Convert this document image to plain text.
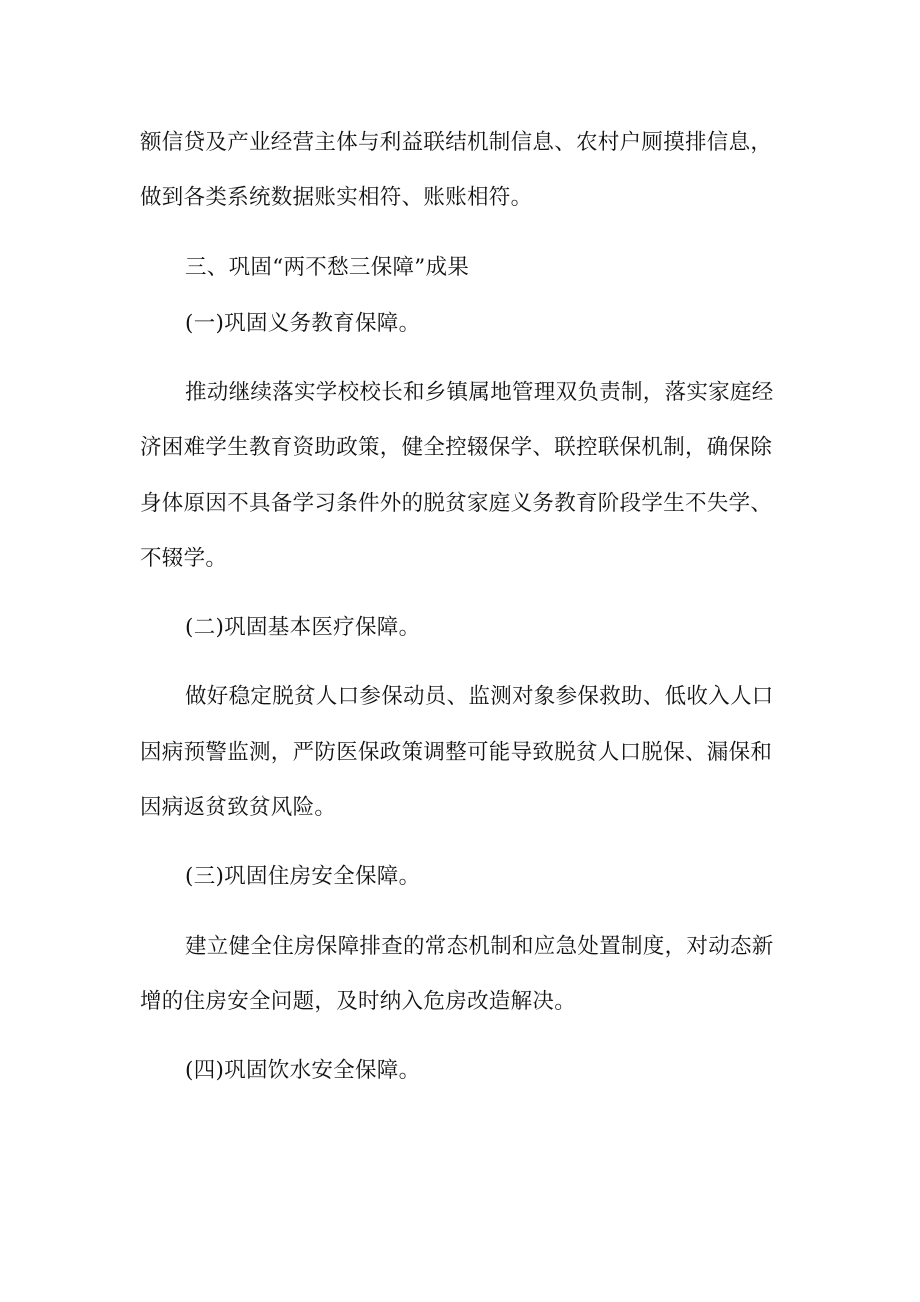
额信贷及产业经营主体与利益联结机制信息、农村户厕摸排信息，
做到各类系统数据账实相符、账账相符。
三、巩固“两不愁三保障”成果
(一)巩固义务教育保障。
推动继续落实学校校长和乡镇属地管理双负责制，落实家庭经
济困难学生教育资助政策，健全控辍保学、联控联保机制，确保除
身体原因不具备学习条件外的脱贫家庭义务教育阶段学生不失学、
不辍学。
(二)巩固基本医疗保障。
做好稳定脱贫人口参保动员、监测对象参保救助、低收入人口
因病预警监测，严防医保政策调整可能导致脱贫人口脱保、漏保和
因病返贫致贫风险。
(三)巩固住房安全保障。
建立健全住房保障排查的常态机制和应急处置制度，对动态新
增的住房安全问题，及时纳入危房改造解决。
(四)巩固饮水安全保障。
